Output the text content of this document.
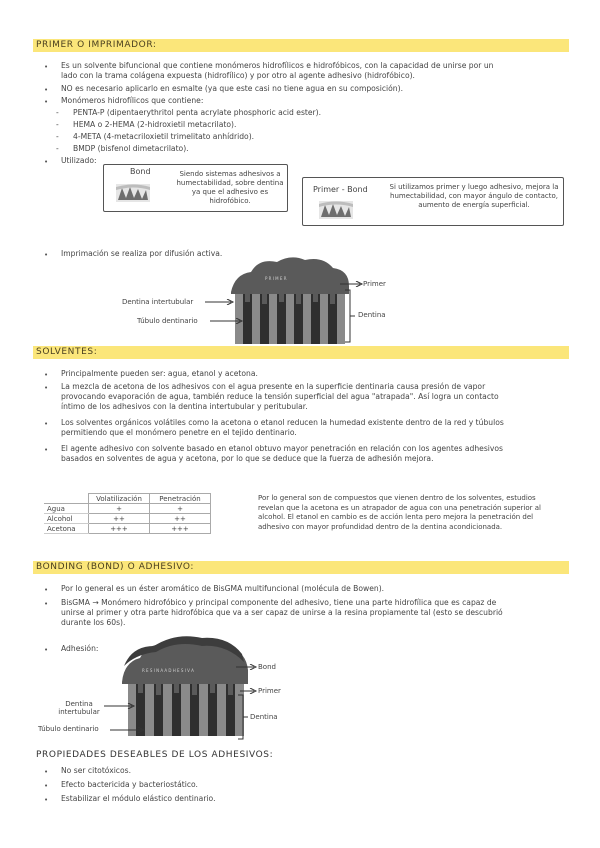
PRIMER O IMPRIMADOR:
• Es un solvente bifuncional que contiene monómeros hidrofílicos e hidrofóbicos, con la capacidad de unirse por un
lado con la trama colágena expuesta (hidrofílico) y por otro al agente adhesivo (hidrofóbico).
• NO es necesario aplicarlo en esmalte (ya que este casi no tiene agua en su composición).
• Monómeros hidrofílicos que contiene:
- PENTA-P (dipentaerythritol penta acrylate phosphoric acid ester).
- HEMA o 2-HEMA (2-hidroxietil metacrilato).
- 4-META (4-metacriloxietil trimelitato anhídrido).
- BMDP (bisfenol dimetacrilato).
• Utilizado:
Bond	Siendo sistemas adhesivos a humectabilidad, sobre dentina ya que el adhesivo es hidrofóbico.
Primer - Bond	Si utilizamos primer y luego adhesivo, mejora la humectabilidad, con mayor ángulo de contacto, aumento de energía superficial.
• Imprimación se realiza por difusión activa.
P R I M E R
Primer
Dentina intertubular
Túbulo dentinario
Dentina
SOLVENTES:
• Principalmente pueden ser: agua, etanol y acetona.
• La mezcla de acetona de los adhesivos con el agua presente en la superficie dentinaria causa presión de vapor
provocando evaporación de agua, también reduce la tensión superficial del agua "atrapada". Así logra un contacto
íntimo de los adhesivos con la dentina intertubular y peritubular.
• Los solventes orgánicos volátiles como la acetona o etanol reducen la humedad existente dentro de la red y túbulos
permitiendo que el monómero penetre en el tejido dentinario.
• El agente adhesivo con solvente basado en etanol obtuvo mayor penetración en relación con los agentes adhesivos
basados en solventes de agua y acetona, por lo que se deduce que la fuerza de adhesión mejora.
	Volatilización	Penetración
Agua	+	+
Alcohol	++	++
Acetona	+++	+++
Por lo general son de compuestos que vienen dentro de los solventes, estudios revelan que la acetona es un atrapador de agua con una penetración superior al alcohol. El etanol en cambio es de acción lenta pero mejora la penetración del adhesivo con mayor profundidad dentro de la dentina acondicionada.
BONDING (BOND) O ADHESIVO:
• Por lo general es un éster aromático de BisGMA multifuncional (molécula de Bowen).
• BisGMA → Monómero hidrofóbico y principal componente del adhesivo, tiene una parte hidrofílica que es capaz de
unirse al primer y otra parte hidrofóbica que va a ser capaz de unirse a la resina propiamente tal (esto se descubrió
durante los 60s).
• Adhesión:
R E S I N A A D H E S I V A	Bond
Primer
Dentina intertubular
Túbulo dentinario
Dentina
PROPIEDADES DESEABLES DE LOS ADHESIVOS:
• No ser citotóxicos.
• Efecto bactericida y bacteriostático.
• Estabilizar el módulo elástico dentinario.
